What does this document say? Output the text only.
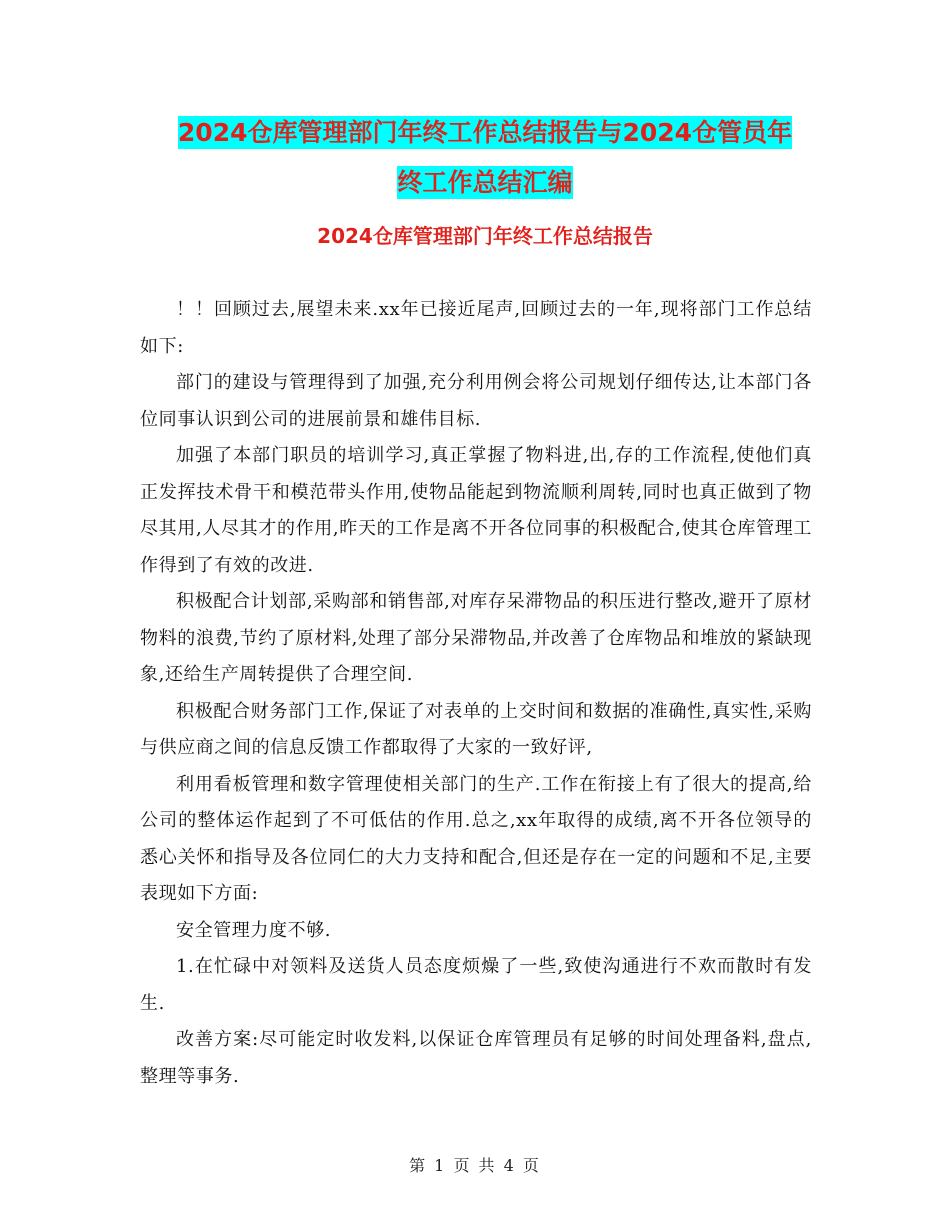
2024仓库管理部门年终工作总结报告与2024仓管员年
终工作总结汇编
2024仓库管理部门年终工作总结报告

！！回顾过去,展望未来.xx年已接近尾声,回顾过去的一年,现将部门工作总结如下:

部门的建设与管理得到了加强,充分利用例会将公司规划仔细传达,让本部门各位同事认识到公司的进展前景和雄伟目标.

加强了本部门职员的培训学习,真正掌握了物料进,出,存的工作流程,使他们真正发挥技术骨干和模范带头作用,使物品能起到物流顺利周转,同时也真正做到了物尽其用,人尽其才的作用,昨天的工作是离不开各位同事的积极配合,使其仓库管理工作得到了有效的改进.

积极配合计划部,采购部和销售部,对库存呆滞物品的积压进行整改,避开了原材物料的浪费,节约了原材料,处理了部分呆滞物品,并改善了仓库物品和堆放的紧缺现象,还给生产周转提供了合理空间.

积极配合财务部门工作,保证了对表单的上交时间和数据的准确性,真实性,采购与供应商之间的信息反馈工作都取得了大家的一致好评,

利用看板管理和数字管理使相关部门的生产.工作在衔接上有了很大的提高,给公司的整体运作起到了不可低估的作用.总之,xx年取得的成绩,离不开各位领导的悉心关怀和指导及各位同仁的大力支持和配合,但还是存在一定的问题和不足,主要表现如下方面:

安全管理力度不够.

1.在忙碌中对领料及送货人员态度烦燥了一些,致使沟通进行不欢而散时有发生.

改善方案:尽可能定时收发料,以保证仓库管理员有足够的时间处理备料,盘点,整理等事务.

第 1 页 共 4 页
